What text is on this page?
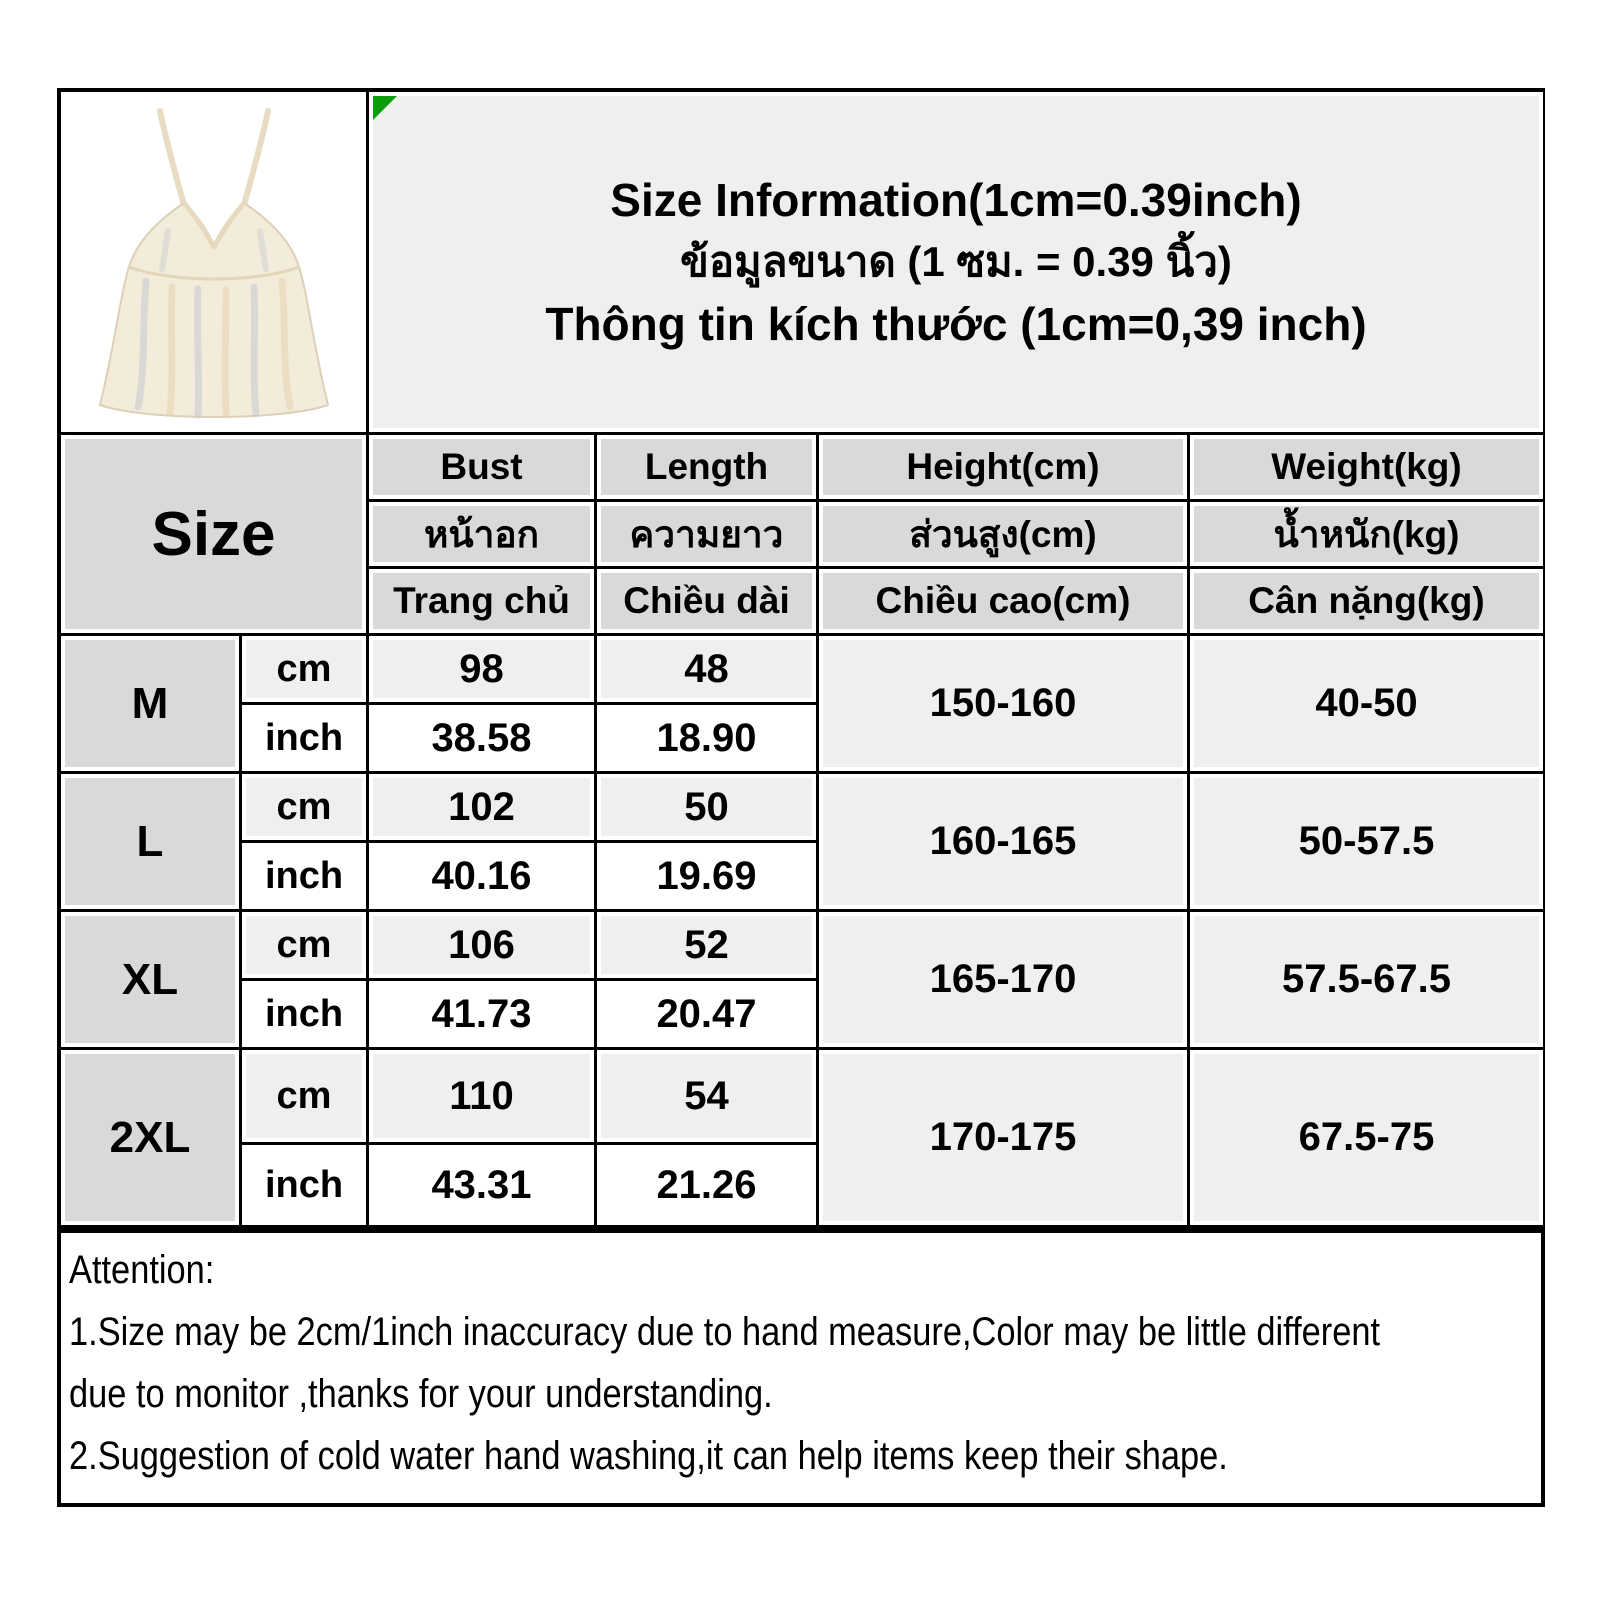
Size Information(1cm=0.39inch)
ข้อมูลขนาด (1 ซม. = 0.39 นิ้ว)
Thông tin kích thước (1cm=0,39 inch)
Size
Bust	Length	Height(cm)	Weight(kg)
หน้าอก	ความยาว	ส่วนสูง(cm)	น้ำหนัก(kg)
Trang chủ	Chiều dài	Chiều cao(cm)	Cân nặng(kg)
M
cm	98	48
150-160	40-50
inch	38.58	18.90
L
cm	102	50
160-165	50-57.5
inch	40.16	19.69
XL
cm	106	52
165-170	57.5-67.5
inch	41.73	20.47
2XL
cm	110	54
170-175	67.5-75
inch	43.31	21.26
Attention:
1.Size may be 2cm/1inch inaccuracy due to hand measure,Color may be little different
due to monitor ,thanks for your understanding.
2.Suggestion of cold water hand washing,it can help items keep their shape.
